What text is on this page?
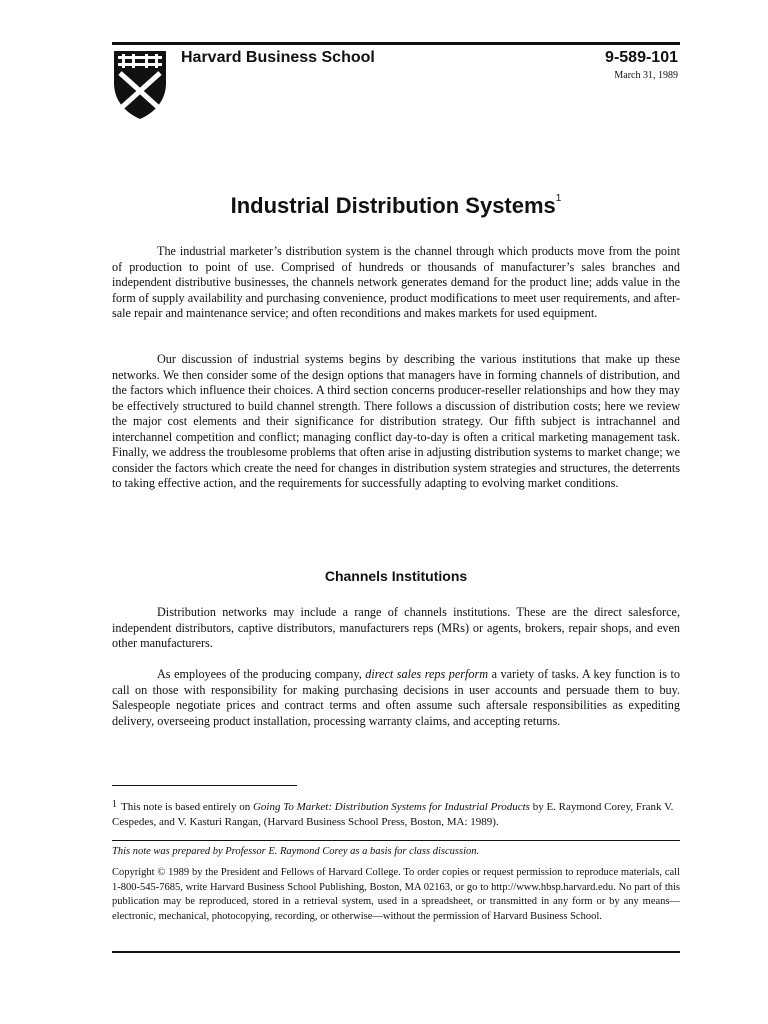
Harvard Business School	9-589-101
March 31, 1989
Industrial Distribution Systems$^1$

The industrial marketer’s distribution system is the channel through which products move from the point of production to point of use. Comprised of hundreds or thousands of manufacturer’s sales branches and independent distributive businesses, the channels network generates demand for the product line; adds value in the form of supply availability and purchasing convenience, product modifications to meet user requirements, and after-sale repair and maintenance service; and often reconditions and makes markets for used equipment.

Our discussion of industrial systems begins by describing the various institutions that make up these networks. We then consider some of the design options that managers have in forming channels of distribution, and the factors which influence their choices. A third section concerns producer-reseller relationships and how they may be effectively structured to build channel strength. There follows a discussion of distribution costs; here we review the major cost elements and their significance for distribution strategy. Our fifth subject is intrachannel and interchannel competition and conflict; managing conflict day-to-day is often a critical marketing management task. Finally, we address the troublesome problems that often arise in adjusting distribution systems to market change; we consider the factors which create the need for changes in distribution system strategies and structures, the deterrents to taking effective action, and the requirements for successfully adapting to evolving market conditions.

Channels Institutions

Distribution networks may include a range of channels institutions. These are the direct salesforce, independent distributors, captive distributors, manufacturers reps (MRs) or agents, brokers, repair shops, and even other manufacturers.

As employees of the producing company, direct sales reps perform a variety of tasks. A key function is to call on those with responsibility for making purchasing decisions in user accounts and persuade them to buy. Salespeople negotiate prices and contract terms and often assume such aftersale responsibilities as expediting delivery, overseeing product installation, processing warranty claims, and accepting returns.

1 This note is based entirely on Going To Market: Distribution Systems for Industrial Products by E. Raymond Corey, Frank V. Cespedes, and V. Kasturi Rangan, (Harvard Business School Press, Boston, MA: 1989).

This note was prepared by Professor E. Raymond Corey as a basis for class discussion.

Copyright © 1989 by the President and Fellows of Harvard College. To order copies or request permission to reproduce materials, call 1-800-545-7685, write Harvard Business School Publishing, Boston, MA 02163, or go to http://www.hbsp.harvard.edu. No part of this publication may be reproduced, stored in a retrieval system, used in a spreadsheet, or transmitted in any form or by any means—electronic, mechanical, photocopying, recording, or otherwise—without the permission of Harvard Business School.
